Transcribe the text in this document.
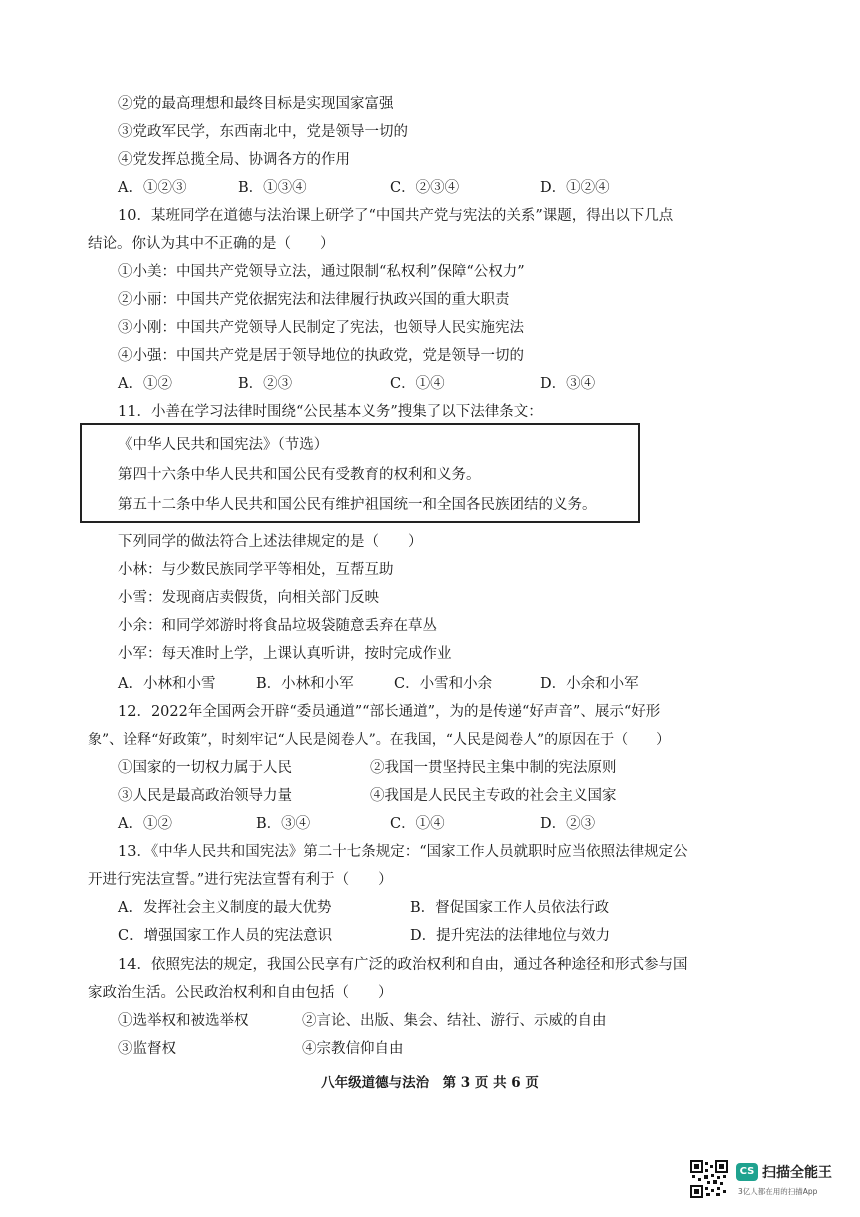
②党的最高理想和最终目标是实现国家富强
③党政军民学，东西南北中，党是领导一切的
④党发挥总揽全局、协调各方的作用
A．①②③	B．①③④	C．②③④	D．①②④
10．某班同学在道德与法治课上研学了“中国共产党与宪法的关系”课题，得出以下几点
结论。你认为其中不正确的是（　　）
①小美：中国共产党领导立法，通过限制“私权利”保障“公权力”
②小丽：中国共产党依据宪法和法律履行执政兴国的重大职责
③小刚：中国共产党领导人民制定了宪法，也领导人民实施宪法
④小强：中国共产党是居于领导地位的执政党，党是领导一切的
A．①②	B．②③	C．①④	D．③④
11．小善在学习法律时围绕“公民基本义务”搜集了以下法律条文：
《中华人民共和国宪法》（节选）
第四十六条中华人民共和国公民有受教育的权利和义务。
第五十二条中华人民共和国公民有维护祖国统一和全国各民族团结的义务。
下列同学的做法符合上述法律规定的是（　　）
小林：与少数民族同学平等相处，互帮互助
小雪：发现商店卖假货，向相关部门反映
小余：和同学郊游时将食品垃圾袋随意丢弃在草丛
小军：每天准时上学，上课认真听讲，按时完成作业
A．小林和小雪	B．小林和小军	C．小雪和小余	D．小余和小军
12．2022年全国两会开辟“委员通道”“部长通道”，为的是传递“好声音”、展示“好形
象”、诠释“好政策”，时刻牢记“人民是阅卷人”。在我国，“人民是阅卷人”的原因在于（　　）
①国家的一切权力属于人民	②我国一贯坚持民主集中制的宪法原则
③人民是最高政治领导力量	④我国是人民民主专政的社会主义国家
A．①②	B．③④	C．①④	D．②③
13．《中华人民共和国宪法》第二十七条规定：“国家工作人员就职时应当依照法律规定公
开进行宪法宣誓。”进行宪法宣誓有利于（　　）
A．发挥社会主义制度的最大优势	B．督促国家工作人员依法行政
C．增强国家工作人员的宪法意识	D．提升宪法的法律地位与效力
14．依照宪法的规定，我国公民享有广泛的政治权利和自由，通过各种途径和形式参与国
家政治生活。公民政治权利和自由包括（　　）
①选举权和被选举权	②言论、出版、集会、结社、游行、示威的自由
③监督权	④宗教信仰自由
八年级道德与法治　第 3 页 共 6 页
CS 扫描全能王
3亿人都在用的扫描App
